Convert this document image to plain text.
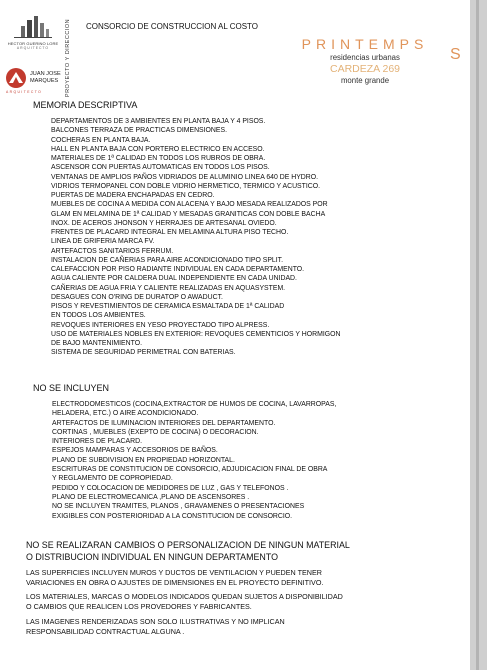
HECTOR GUERINO LORE
ARQUITECTO
JUAN JOSE
MARQUES
ARQUITECTO	PROYECTO Y DIRECCION CONSORCIO DE CONSTRUCCION AL COSTO
PRINTEMPS
S
residencias urbanas
CARDEZA 269
monte grande
MEMORIA DESCRIPTIVA
DEPARTAMENTOS DE 3 AMBIENTES EN PLANTA BAJA Y 4 PISOS.
BALCONES TERRAZA DE PRACTICAS DIMENSIONES.
COCHERAS EN PLANTA BAJA.
HALL EN PLANTA BAJA CON PORTERO ELECTRICO EN ACCESO.
MATERIALES DE 1ª CALIDAD EN TODOS LOS RUBROS DE OBRA.
ASCENSOR CON PUERTAS AUTOMATICAS EN TODOS LOS PISOS.
VENTANAS DE AMPLIOS PAÑOS VIDRIADOS DE ALUMINIO LINEA 640 DE HYDRO.
VIDRIOS TERMOPANEL CON DOBLE VIDRIO HERMETICO, TERMICO Y ACUSTICO.
PUERTAS DE MADERA ENCHAPADAS EN CEDRO.
MUEBLES DE COCINA A MEDIDA CON ALACENA Y BAJO MESADA REALIZADOS POR
GLAM EN MELAMINA DE 1ª CALIDAD Y MESADAS GRANITICAS CON DOBLE BACHA
INOX. DE ACEROS JHONSON Y HERRAJES DE ARTESANAL OVIEDO.
FRENTES DE PLACARD INTEGRAL EN MELAMINA ALTURA PISO TECHO.
LINEA DE GRIFERIA MARCA FV.
ARTEFACTOS SANITARIOS FERRUM.
INSTALACION DE CAÑERIAS PARA AIRE ACONDICIONADO TIPO SPLIT.
CALEFACCION POR PISO RADIANTE INDIVIDUAL EN CADA DEPARTAMENTO.
AGUA CALIENTE POR CALDERA DUAL INDEPENDIENTE EN CADA UNIDAD.
CAÑERIAS DE AGUA FRIA Y CALIENTE REALIZADAS EN AQUASYSTEM.
DESAGUES CON O'RING DE DURATOP O AWADUCT.
PISOS Y REVESTIMIENTOS DE CERAMICA ESMALTADA DE 1ª CALIDAD
EN TODOS LOS AMBIENTES.
REVOQUES INTERIORES EN YESO PROYECTADO TIPO ALPRESS.
USO DE MATERIALES NOBLES EN EXTERIOR: REVOQUES CEMENTICIOS Y HORMIGON
DE BAJO MANTENIMIENTO.
SISTEMA DE SEGURIDAD PERIMETRAL CON BATERIAS.
NO SE INCLUYEN
ELECTRODOMESTICOS (COCINA,EXTRACTOR DE HUMOS DE COCINA, LAVARROPAS,
HELADERA, ETC.) O AIRE ACONDICIONADO.
ARTEFACTOS DE ILUMINACION INTERIORES DEL DEPARTAMENTO.
CORTINAS , MUEBLES (EXEPTO DE COCINA) O DECORACION.
INTERIORES DE PLACARD.
ESPEJOS MAMPARAS Y ACCESORIOS DE BAÑOS.
PLANO DE SUBDIVISION EN PROPIEDAD HORIZONTAL.
ESCRITURAS DE CONSTITUCION DE CONSORCIO, ADJUDICACION FINAL DE OBRA
Y REGLAMENTO DE COPROPIEDAD.
PEDIDO Y COLOCACION DE MEDIDORES DE LUZ , GAS Y TELEFONOS .
PLANO DE ELECTROMECANICA ,PLANO DE ASCENSORES .
NO SE INCLUYEN TRAMITES, PLANOS , GRAVAMENES O PRESENTACIONES
EXIGIBLES CON POSTERIORIDAD A LA CONSTITUCION DE CONSORCIO.

NO SE REALIZARAN CAMBIOS O PERSONALIZACION DE NINGUN MATERIAL
O DISTRIBUCION INDIVIDUAL EN NINGUN DEPARTAMENTO

LAS SUPERFICIES INCLUYEN MUROS Y DUCTOS DE VENTILACION Y PUEDEN TENER
VARIACIONES EN OBRA O AJUSTES DE DIMENSIONES EN EL PROYECTO DEFINITIVO.

LOS MATERIALES, MARCAS O MODELOS INDICADOS QUEDAN SUJETOS A DISPONIBILIDAD
O CAMBIOS QUE REALICEN LOS PROVEDORES Y FABRICANTES.

LAS IMAGENES RENDERIZADAS SON SOLO ILUSTRATIVAS Y NO IMPLICAN
RESPONSABILIDAD CONTRACTUAL ALGUNA .
